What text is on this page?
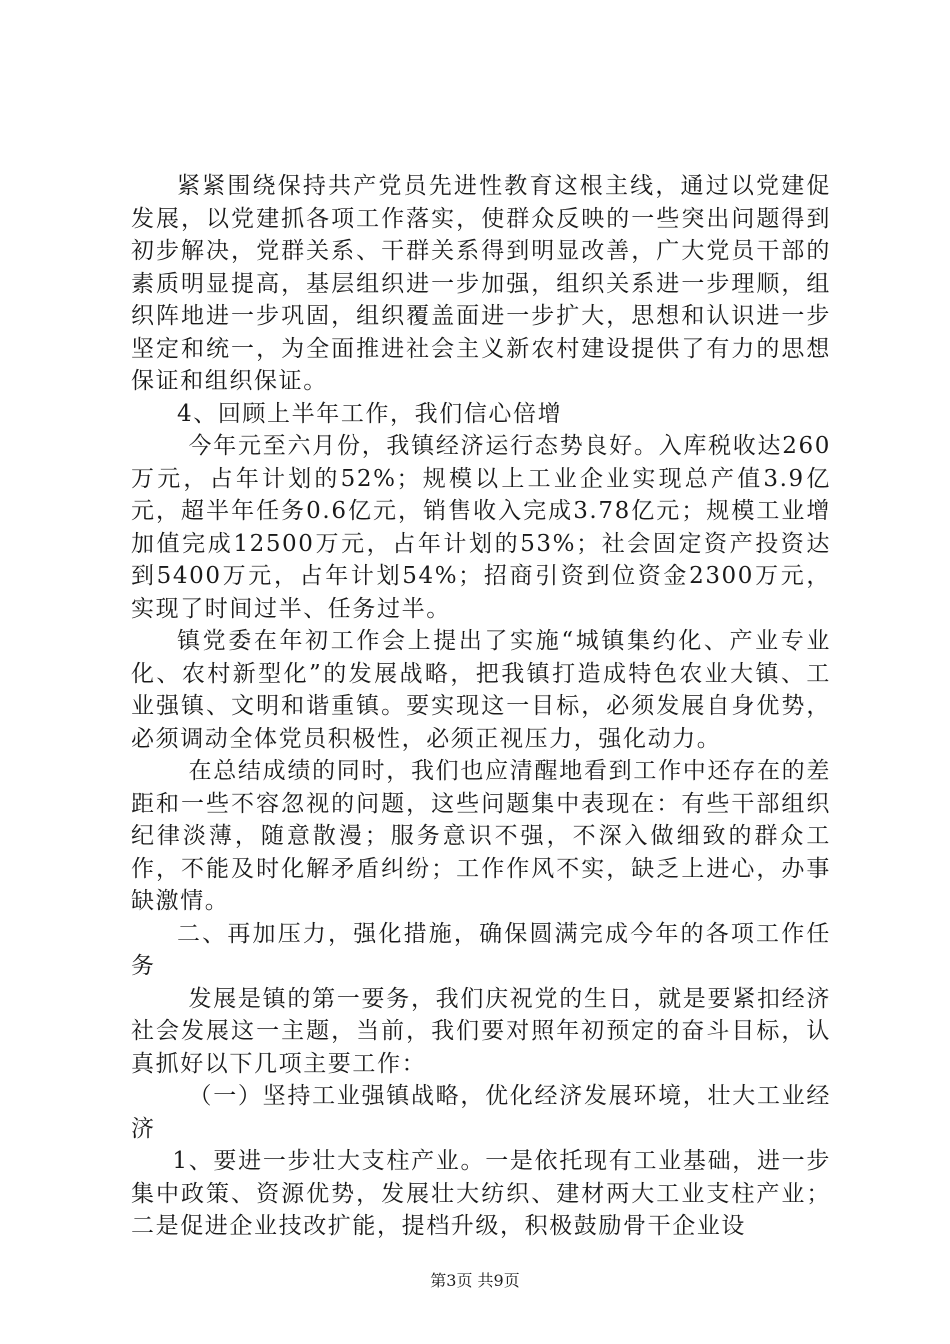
紧紧围绕保持共产党员先进性教育这根主线，通过以党建促发展，以党建抓各项工作落实，使群众反映的一些突出问题得到初步解决，党群关系、干群关系得到明显改善，广大党员干部的素质明显提高，基层组织进一步加强，组织关系进一步理顺，组织阵地进一步巩固，组织覆盖面进一步扩大，思想和认识进一步坚定和统一，为全面推进社会主义新农村建设提供了有力的思想保证和组织保证。

4、回顾上半年工作，我们信心倍增

今年元至六月份，我镇经济运行态势良好。入库税收达260万元，占年计划的52%；规模以上工业企业实现总产值3.9亿元，超半年任务0.6亿元，销售收入完成3.78亿元；规模工业增加值完成12500万元，占年计划的53%；社会固定资产投资达到5400万元，占年计划54%；招商引资到位资金2300万元，实现了时间过半、任务过半。

镇党委在年初工作会上提出了实施“城镇集约化、产业专业化、农村新型化”的发展战略，把我镇打造成特色农业大镇、工业强镇、文明和谐重镇。要实现这一目标，必须发展自身优势，必须调动全体党员积极性，必须正视压力，强化动力。

在总结成绩的同时，我们也应清醒地看到工作中还存在的差距和一些不容忽视的问题，这些问题集中表现在：有些干部组织纪律淡薄，随意散漫；服务意识不强，不深入做细致的群众工作，不能及时化解矛盾纠纷；工作作风不实，缺乏上进心，办事缺激情。

二、再加压力，强化措施，确保圆满完成今年的各项工作任务

发展是镇的第一要务，我们庆祝党的生日，就是要紧扣经济社会发展这一主题，当前，我们要对照年初预定的奋斗目标，认真抓好以下几项主要工作：

（一）坚持工业强镇战略，优化经济发展环境，壮大工业经济

1、要进一步壮大支柱产业。一是依托现有工业基础，进一步集中政策、资源优势，发展壮大纺织、建材两大工业支柱产业；二是促进企业技改扩能，提档升级，积极鼓励骨干企业设

第3页 共9页
